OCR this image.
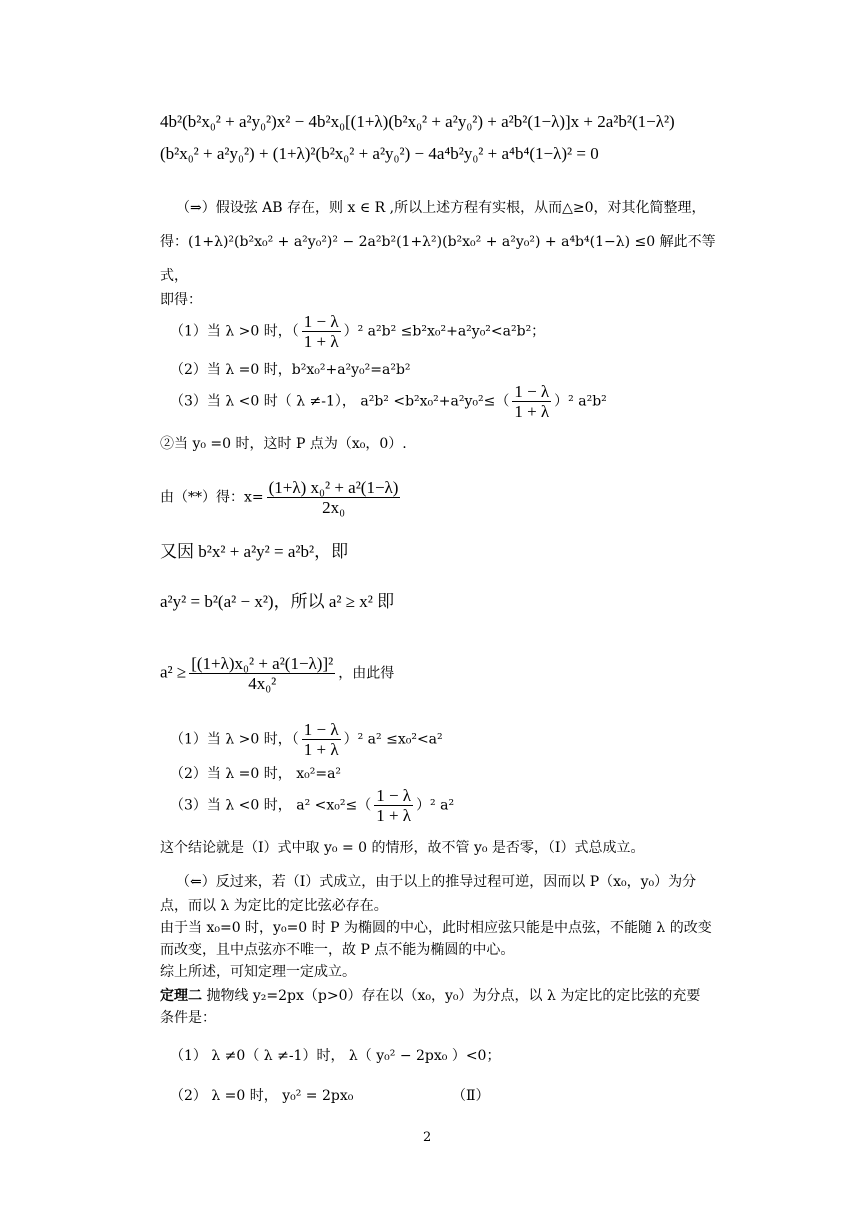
4b²(b²x₀² + a²y₀²)x² − 4b²x₀[(1+λ)(b²x₀² + a²y₀²) + a²b²(1−λ)]x + 2a²b²(1−λ²)
(b²x₀² + a²y₀²) + (1+λ)²(b²x₀² + a²y₀²) − 4a⁴b²y₀² + a⁴b⁴(1−λ)² = 0
（⇒）假设弦 AB 存在，则 x ∈ R ,所以上述方程有实根，从而△≥0，对其化简整理，
得：(1+λ)²(b²x₀² + a²y₀²)² − 2a²b²(1+λ²)(b²x₀² + a²y₀²) + a⁴b⁴(1−λ) ≤0 解此不等
式，
即得：
（1）当 λ >0 时，（ $\frac{1 - \lambda}{1 + \lambda} )^2$ a²b² ≤b²x₀²+a²y₀²<a²b²；
（2）当 λ =0 时，b²x₀²+a²y₀²=a²b²
（3）当 λ <0 时（ λ ≠-1）， $a^2b^2 <b^2x_0^2+a^2y_0^2\le( \frac{1 - \lambda}{1 + \lambda} )^2$ a²b²
②当 y₀ =0 时，这时 P 点为（x₀，0）.
由（**）得：$x= \frac{\text{(1+λ) x₀² + a²(1−λ)}}{\text{2x₀}}$
又因 b²x² + a²y² = a²b²，即
a²y² = b²(a² − x²)，所以 a² ≥ x² 即
$a^2 \ge \frac{\text{[(1+λ)x₀² + a²(1−λ)]²}}{\text{4x₀²}}$ ，由此得
（1）当 λ >0 时，（ $\frac{1 - \lambda}{1 + \lambda} )^2$ a² ≤x₀²<a²
（2）当 λ =0 时， x₀²=a²
（3）当 λ <0 时， $a^2 <x_0^2\le( \frac{1 - \lambda}{1 + \lambda} )^2$ a²
这个结论就是（Ⅰ）式中取 y₀ = 0 的情形，故不管 y₀ 是否零，（Ⅰ）式总成立。
（⇐）反过来，若（Ⅰ）式成立，由于以上的推导过程可逆，因而以 P（x₀，y₀）为分
点，而以 λ 为定比的定比弦必存在。
由于当 x₀=0 时，y₀=0 时 P 为椭圆的中心，此时相应弦只能是中点弦，不能随 λ 的改变
而改变，且中点弦亦不唯一，故 P 点不能为椭圆的中心。
综上所述，可知定理一定成立。
定理二 抛物线 y₂=2px（p>0）存在以（x₀，y₀）为分点，以 λ 为定比的定比弦的充要
条件是：
（1） λ ≠0（ λ ≠-1）时， λ（ y₀² − 2px₀ ）<0；
（2） λ =0 时， y₀² = 2px₀	（Ⅱ）
2
